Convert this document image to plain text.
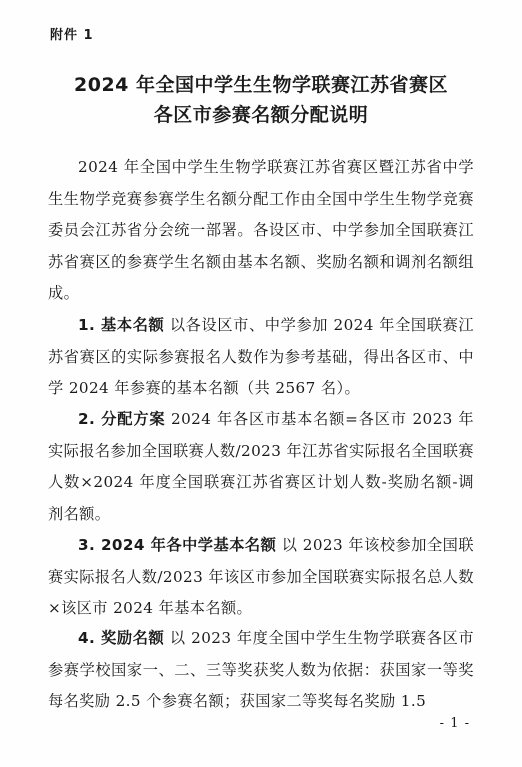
附件 1
2024 年全国中学生生物学联赛江苏省赛区
各区市参赛名额分配说明

2024 年全国中学生生物学联赛江苏省赛区暨江苏省中学生生物学竞赛参赛学生名额分配工作由全国中学生生物学竞赛委员会江苏省分会统一部署。各设区市、中学参加全国联赛江苏省赛区的参赛学生名额由基本名额、奖励名额和调剂名额组成。

1. 基本名额 以各设区市、中学参加 2024 年全国联赛江苏省赛区的实际参赛报名人数作为参考基础，得出各区市、中学 2024 年参赛的基本名额（共 2567 名）。

2. 分配方案 2024 年各区市基本名额=各区市 2023 年实际报名参加全国联赛人数/2023 年江苏省实际报名全国联赛人数×2024 年度全国联赛江苏省赛区计划人数-奖励名额-调剂名额。

3. 2024 年各中学基本名额 以 2023 年该校参加全国联赛实际报名人数/2023 年该区市参加全国联赛实际报名总人数×该区市 2024 年基本名额。

4. 奖励名额 以 2023 年度全国中学生生物学联赛各区市参赛学校国家一、二、三等奖获奖人数为依据：获国家一等奖每名奖励 2.5 个参赛名额；获国家二等奖每名奖励 1.5

- 1 -
